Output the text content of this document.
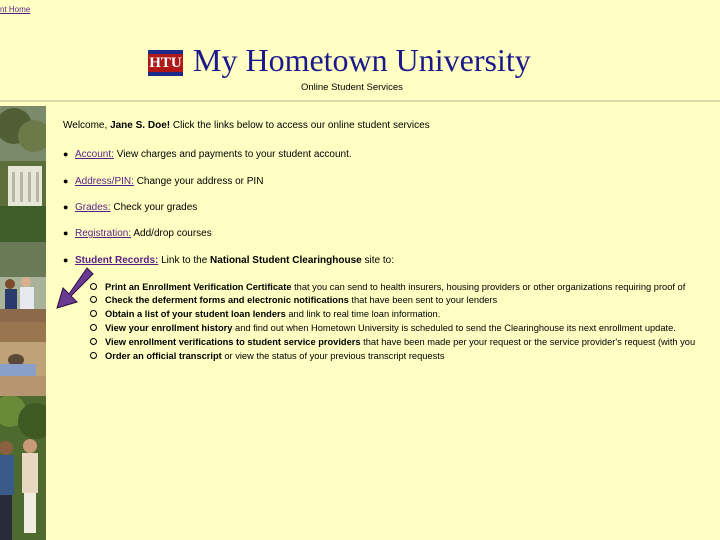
nt Home
HTU My Hometown University
Online Student Services
Welcome, Jane S. Doe! Click the links below to access our online student services
● Account: View charges and payments to your student account.
● Address/PIN: Change your address or PIN
● Grades: Check your grades
● Registration: Add/drop courses
● Student Records: Link to the National Student Clearinghouse site to:
Print an Enrollment Verification Certificate that you can send to health insurers, housing providers or other organizations requiring proof of
Check the deferment forms and electronic notifications that have been sent to your lenders
Obtain a list of your student loan lenders and link to real time loan information.
View your enrollment history and find out when Hometown University is scheduled to send the Clearinghouse its next enrollment update.
View enrollment verifications to student service providers that have been made per your request or the service provider's request (with you
Order an official transcript or view the status of your previous transcript requests
